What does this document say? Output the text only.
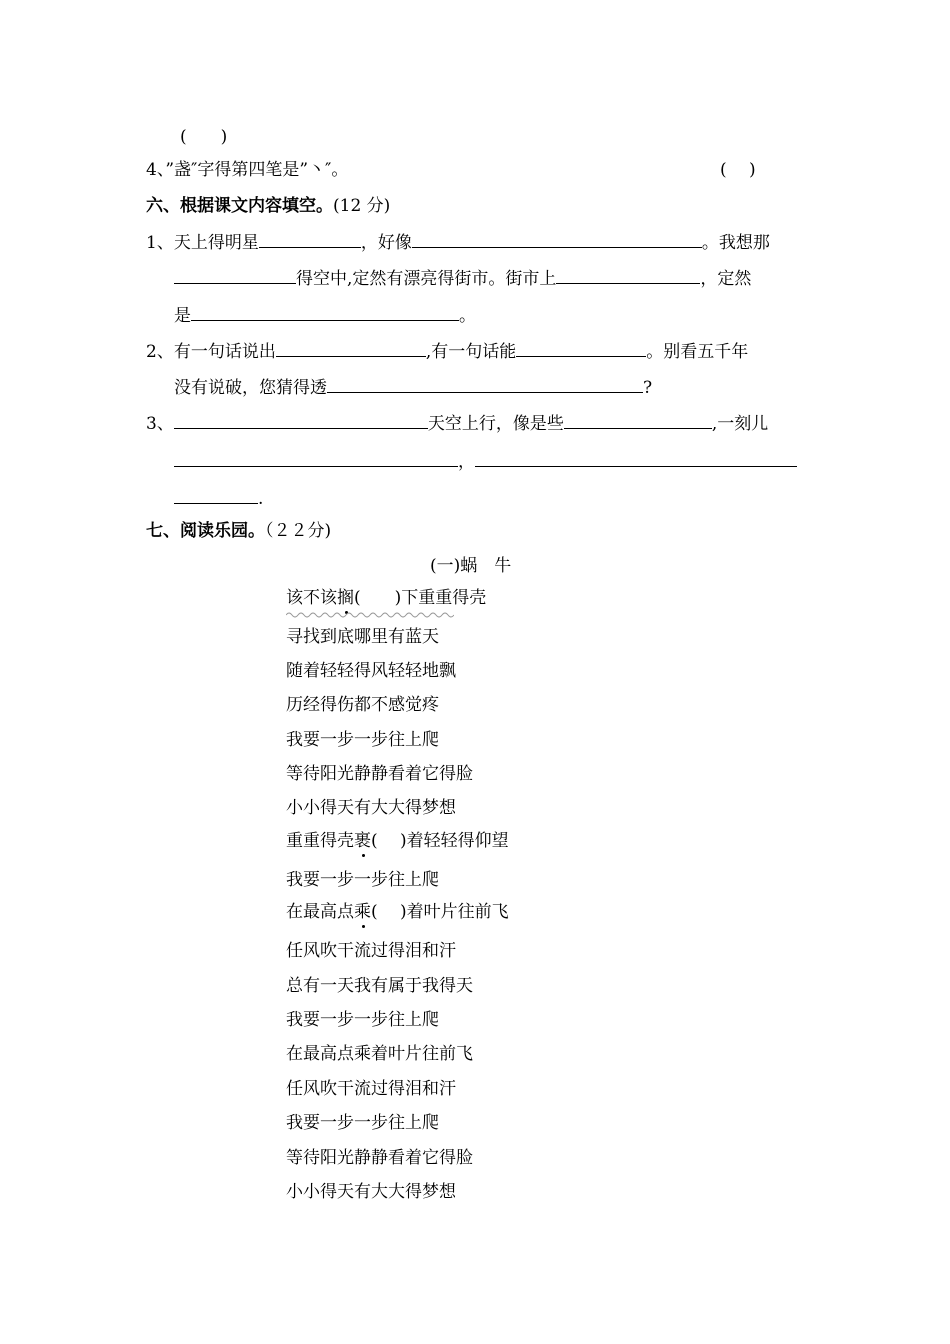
(　　)
4、”盏″字得第四笔是”丶″。	(　 )
六、根据课文内容填空。(12 分)
1、天上得明星	，好像	。我想那
得空中,定然有漂亮得街市。街市上	，定然
是	。
2、有一句话说出	,有一句话能	。别看五千年
没有说破，您猜得透	?
3、	天空上行，像是些	,一刻儿
，
.
七、阅读乐园。（２２分)
(一)蜗　牛
该不该搁(　　)下重重得壳
寻找到底哪里有蓝天
随着轻轻得风轻轻地飘
历经得伤都不感觉疼
我要一步一步往上爬
等待阳光静静看着它得脸
小小得天有大大得梦想
重重得壳裹(　 )着轻轻得仰望
我要一步一步往上爬
在最高点乘(　 )着叶片往前飞
任风吹干流过得泪和汗
总有一天我有属于我得天
我要一步一步往上爬
在最高点乘着叶片往前飞
任风吹干流过得泪和汗
我要一步一步往上爬
等待阳光静静看着它得脸
小小得天有大大得梦想
